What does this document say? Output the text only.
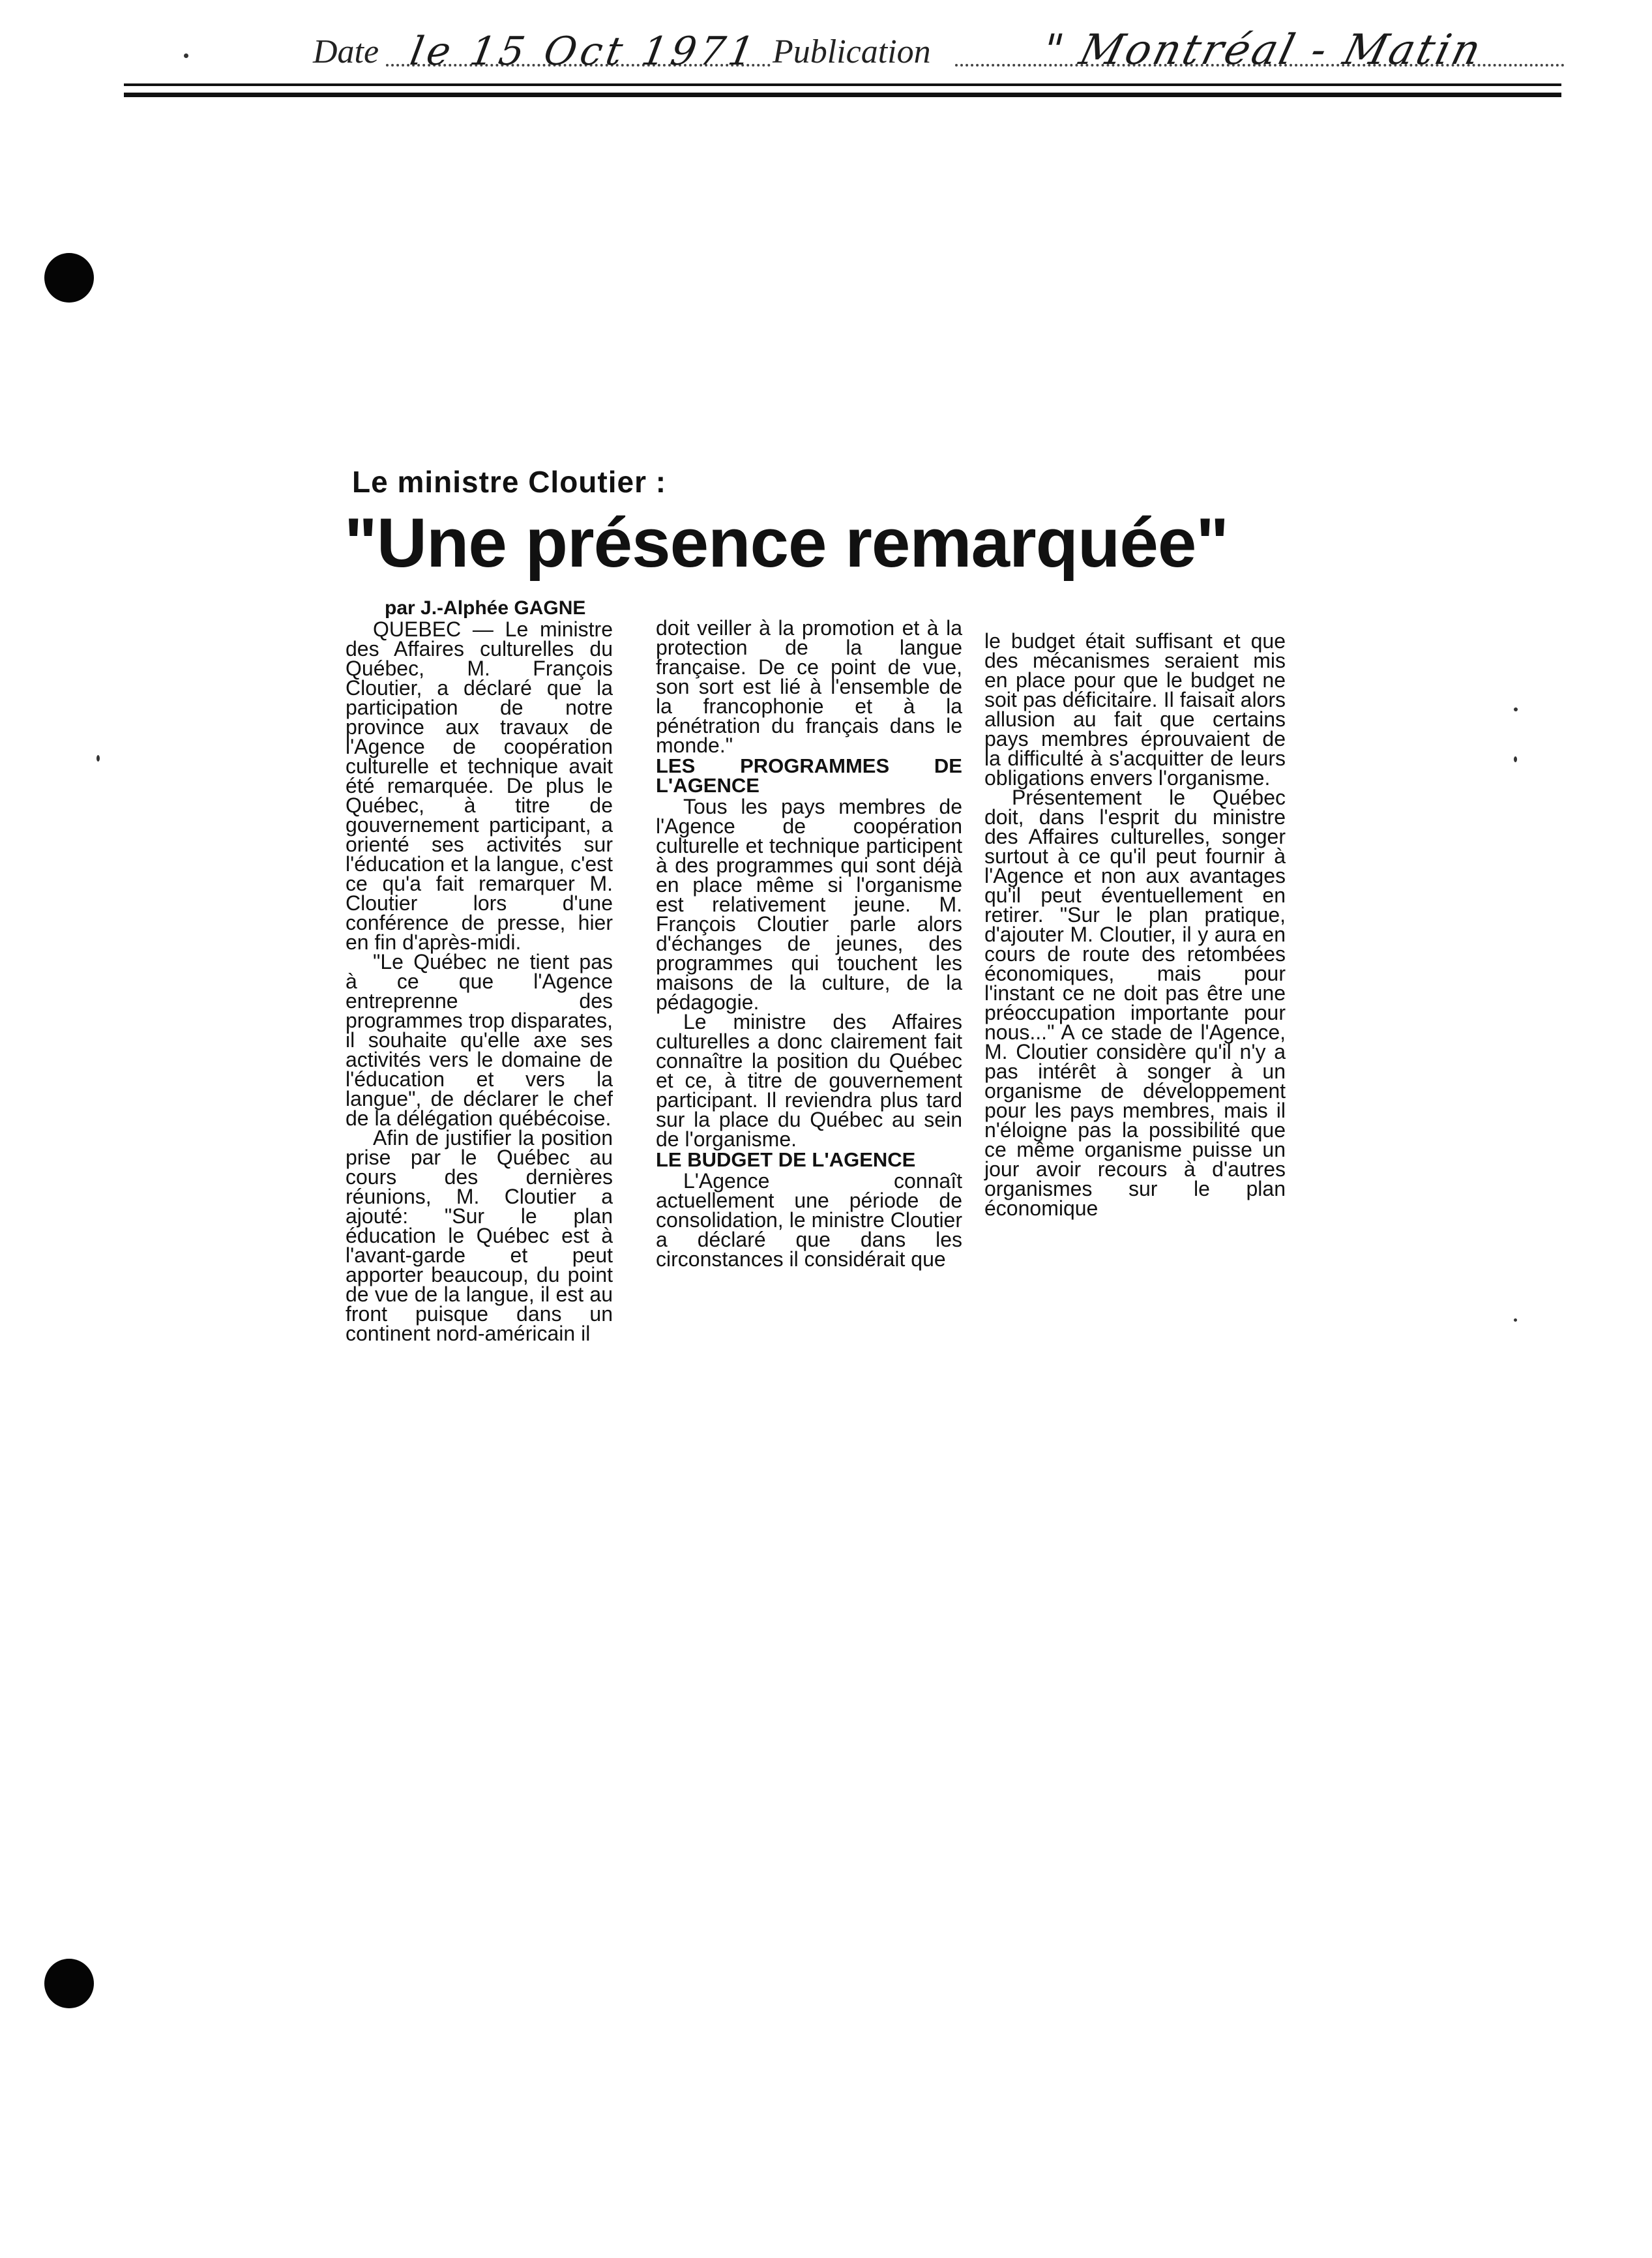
Date le 15 Oct 1971 Publication	" Montréal - Matin
Le ministre Cloutier :
"Une présence remarquée"

par J.-Alphée GAGNE

QUEBEC — Le ministre des Affaires culturelles du Québec, M. François Cloutier, a déclaré que la participation de notre province aux travaux de l'Agence de coopération culturelle et technique avait été remarquée. De plus le Québec, à titre de gouvernement participant, a orienté ses activités sur l'éducation et la langue, c'est ce qu'a fait remarquer M. Cloutier lors d'une conférence de presse, hier en fin d'après-midi.

"Le Québec ne tient pas à ce que l'Agence entreprenne des programmes trop disparates, il souhaite qu'elle axe ses activités vers le domaine de l'éducation et vers la langue", de déclarer le chef de la délégation québécoise.

Afin de justifier la position prise par le Québec au cours des dernières réunions, M. Cloutier a ajouté: "Sur le plan éducation le Québec est à l'avant-garde et peut apporter beaucoup, du point de vue de la langue, il est au front puisque dans un continent nord-américain il

doit veiller à la promotion et à la protection de la langue française. De ce point de vue, son sort est lié à l'ensemble de la francophonie et à la pénétration du français dans le monde."

LES PROGRAMMES DE L'AGENCE

Tous les pays membres de l'Agence de coopération culturelle et technique participent à des programmes qui sont déjà en place même si l'organisme est relativement jeune. M. François Cloutier parle alors d'échanges de jeunes, des programmes qui touchent les maisons de la culture, de la pédagogie.

Le ministre des Affaires culturelles a donc clairement fait connaître la position du Québec et ce, à titre de gouvernement participant. Il reviendra plus tard sur la place du Québec au sein de l'organisme.

LE BUDGET DE L'AGENCE

L'Agence connaît actuellement une période de consolidation, le ministre Cloutier a déclaré que dans les circonstances il considérait que

le budget était suffisant et que des mécanismes seraient mis en place pour que le budget ne soit pas déficitaire. Il faisait alors allusion au fait que certains pays membres éprouvaient de la difficulté à s'acquitter de leurs obligations envers l'organisme.

Présentement le Québec doit, dans l'esprit du ministre des Affaires culturelles, songer surtout à ce qu'il peut fournir à l'Agence et non aux avantages qu'il peut éventuellement en retirer. "Sur le plan pratique, d'ajouter M. Cloutier, il y aura en cours de route des retombées économiques, mais pour l'instant ce ne doit pas être une préoccupation importante pour nous..." A ce stade de l'Agence, M. Cloutier considère qu'il n'y a pas intérêt à songer à un organisme de développement pour les pays membres, mais il n'éloigne pas la possibilité que ce même organisme puisse un jour avoir recours à d'autres organismes sur le plan économique
